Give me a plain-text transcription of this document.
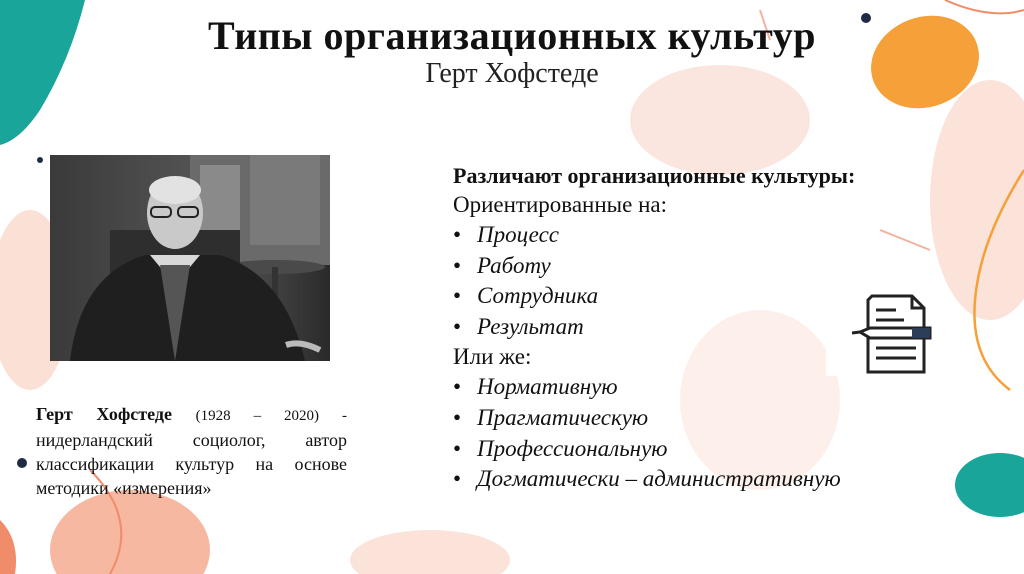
Типы организационных культур
Герт Хофстеде
Герт Хофстеде (1928 – 2020) - нидерландский социолог, автор классификации культур на основе методики «измерения»
Различают организационные культуры:
Ориентированные на:
• Процесс
• Работу
• Сотрудника
• Результат
Или же:
• Нормативную
• Прагматическую
• Профессиональную
• Догматически – административную
